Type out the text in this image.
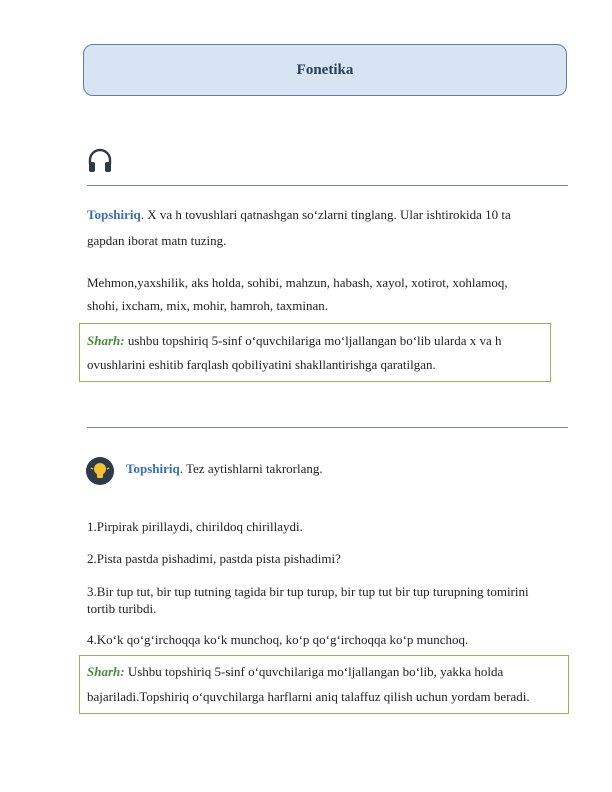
Fonetika
Topshiriq. X va h tovushlari qatnashgan so‘zlarni tinglang. Ular ishtirokida 10 ta
gapdan iborat matn tuzing.
Mehmon,yaxshilik, aks holda, sohibi, mahzun, habash, xayol, xotirot, xohlamoq,
shohi, ixcham, mix, mohir, hamroh, taxminan.
Sharh: ushbu topshiriq 5-sinf o‘quvchilariga mo‘ljallangan bo‘lib ularda x va h
ovushlarini eshitib farqlash qobiliyatini shakllantirishga qaratilgan.
Topshiriq. Tez aytishlarni takrorlang.
1.Pirpirak pirillaydi, chirildoq chirillaydi.
2.Pista pastda pishadimi, pastda pista pishadimi?
3.Bir tup tut, bir tup tutning tagida bir tup turup, bir tup tut bir tup turupning tomirini
tortib turibdi.
4.Ko‘k qo‘g‘irchoqqa ko‘k munchoq, ko‘p qo‘g‘irchoqqa ko‘p munchoq.
Sharh: Ushbu topshiriq 5-sinf o‘quvchilariga mo‘ljallangan bo‘lib, yakka holda
bajariladi.Topshiriq o‘quvchilarga harflarni aniq talaffuz qilish uchun yordam beradi.
